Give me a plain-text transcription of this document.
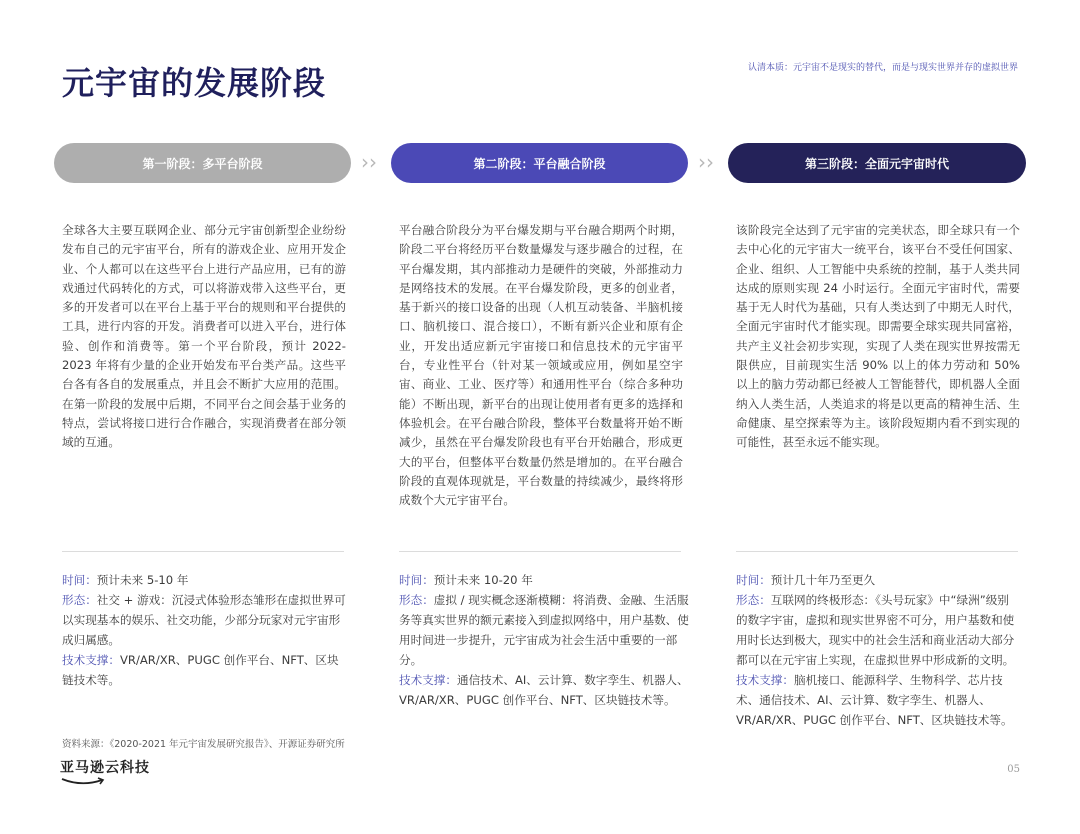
元宇宙的发展阶段	认清本质：元宇宙不是现实的替代，而是与现实世界并存的虚拟世界
第一阶段：多平台阶段	››	第二阶段：平台融合阶段	››	第三阶段：全面元宇宙时代

全球各大主要互联网企业、部分元宇宙创新型企业纷纷发布自己的元宇宙平台，所有的游戏企业、应用开发企业、个人都可以在这些平台上进行产品应用，已有的游戏通过代码转化的方式，可以将游戏带入这些平台，更多的开发者可以在平台上基于平台的规则和平台提供的工具，进行内容的开发。消费者可以进入平台，进行体验、创作和消费等。第一个平台阶段，预计 2022-2023 年将有少量的企业开始发布平台类产品。这些平台各有各自的发展重点，并且会不断扩大应用的范围。在第一阶段的发展中后期，不同平台之间会基于业务的特点，尝试将接口进行合作融合，实现消费者在部分领域的互通。

平台融合阶段分为平台爆发期与平台融合期两个时期，阶段二平台将经历平台数量爆发与逐步融合的过程，在平台爆发期，其内部推动力是硬件的突破，外部推动力是网络技术的发展。在平台爆发阶段，更多的创业者，基于新兴的接口设备的出现（人机互动装备、半脑机接口、脑机接口、混合接口），不断有新兴企业和原有企业，开发出适应新元宇宙接口和信息技术的元宇宙平台，专业性平台（针对某一领域或应用，例如星空宇宙、商业、工业、医疗等）和通用性平台（综合多种功能）不断出现，新平台的出现让使用者有更多的选择和体验机会。在平台融合阶段，整体平台数量将开始不断减少，虽然在平台爆发阶段也有平台开始融合，形成更大的平台，但整体平台数量仍然是增加的。在平台融合阶段的直观体现就是，平台数量的持续减少，最终将形成数个大元宇宙平台。

该阶段完全达到了元宇宙的完美状态，即全球只有一个去中心化的元宇宙大一统平台，该平台不受任何国家、企业、组织、人工智能中央系统的控制，基于人类共同达成的原则实现 24 小时运行。全面元宇宙时代，需要基于无人时代为基础，只有人类达到了中期无人时代，全面元宇宙时代才能实现。即需要全球实现共同富裕，共产主义社会初步实现，实现了人类在现实世界按需无限供应，目前现实生活 90% 以上的体力劳动和 50% 以上的脑力劳动都已经被人工智能替代，即机器人全面纳入人类生活，人类追求的将是以更高的精神生活、生命健康、星空探索等为主。该阶段短期内看不到实现的可能性，甚至永远不能实现。

时间：预计未来 5-10 年

形态：社交 + 游戏：沉浸式体验形态雏形在虚拟世界可以实现基本的娱乐、社交功能，少部分玩家对元宇宙形成归属感。

技术支撑：VR/AR/XR、PUGC 创作平台、NFT、区块链技术等。

时间：预计未来 10-20 年

形态：虚拟 / 现实概念逐渐模糊：将消费、金融、生活服务等真实世界的额元素接入到虚拟网络中，用户基数、使用时间进一步提升，元宇宙成为社会生活中重要的一部分。

技术支撑：通信技术、AI、云计算、数字孪生、机器人、VR/AR/XR、PUGC 创作平台、NFT、区块链技术等。

时间：预计几十年乃至更久

形态：互联网的终极形态：《头号玩家》中“绿洲”级别的数字宇宙，虚拟和现实世界密不可分，用户基数和使用时长达到极大，现实中的社会生活和商业活动大部分都可以在元宇宙上实现，在虚拟世界中形成新的文明。

技术支撑：脑机接口、能源科学、生物科学、芯片技术、通信技术、AI、云计算、数字孪生、机器人、VR/AR/XR、PUGC 创作平台、NFT、区块链技术等。

资料来源：《2020-2021 年元宇宙发展研究报告》、开源证券研究所
亚马逊云科技	05
